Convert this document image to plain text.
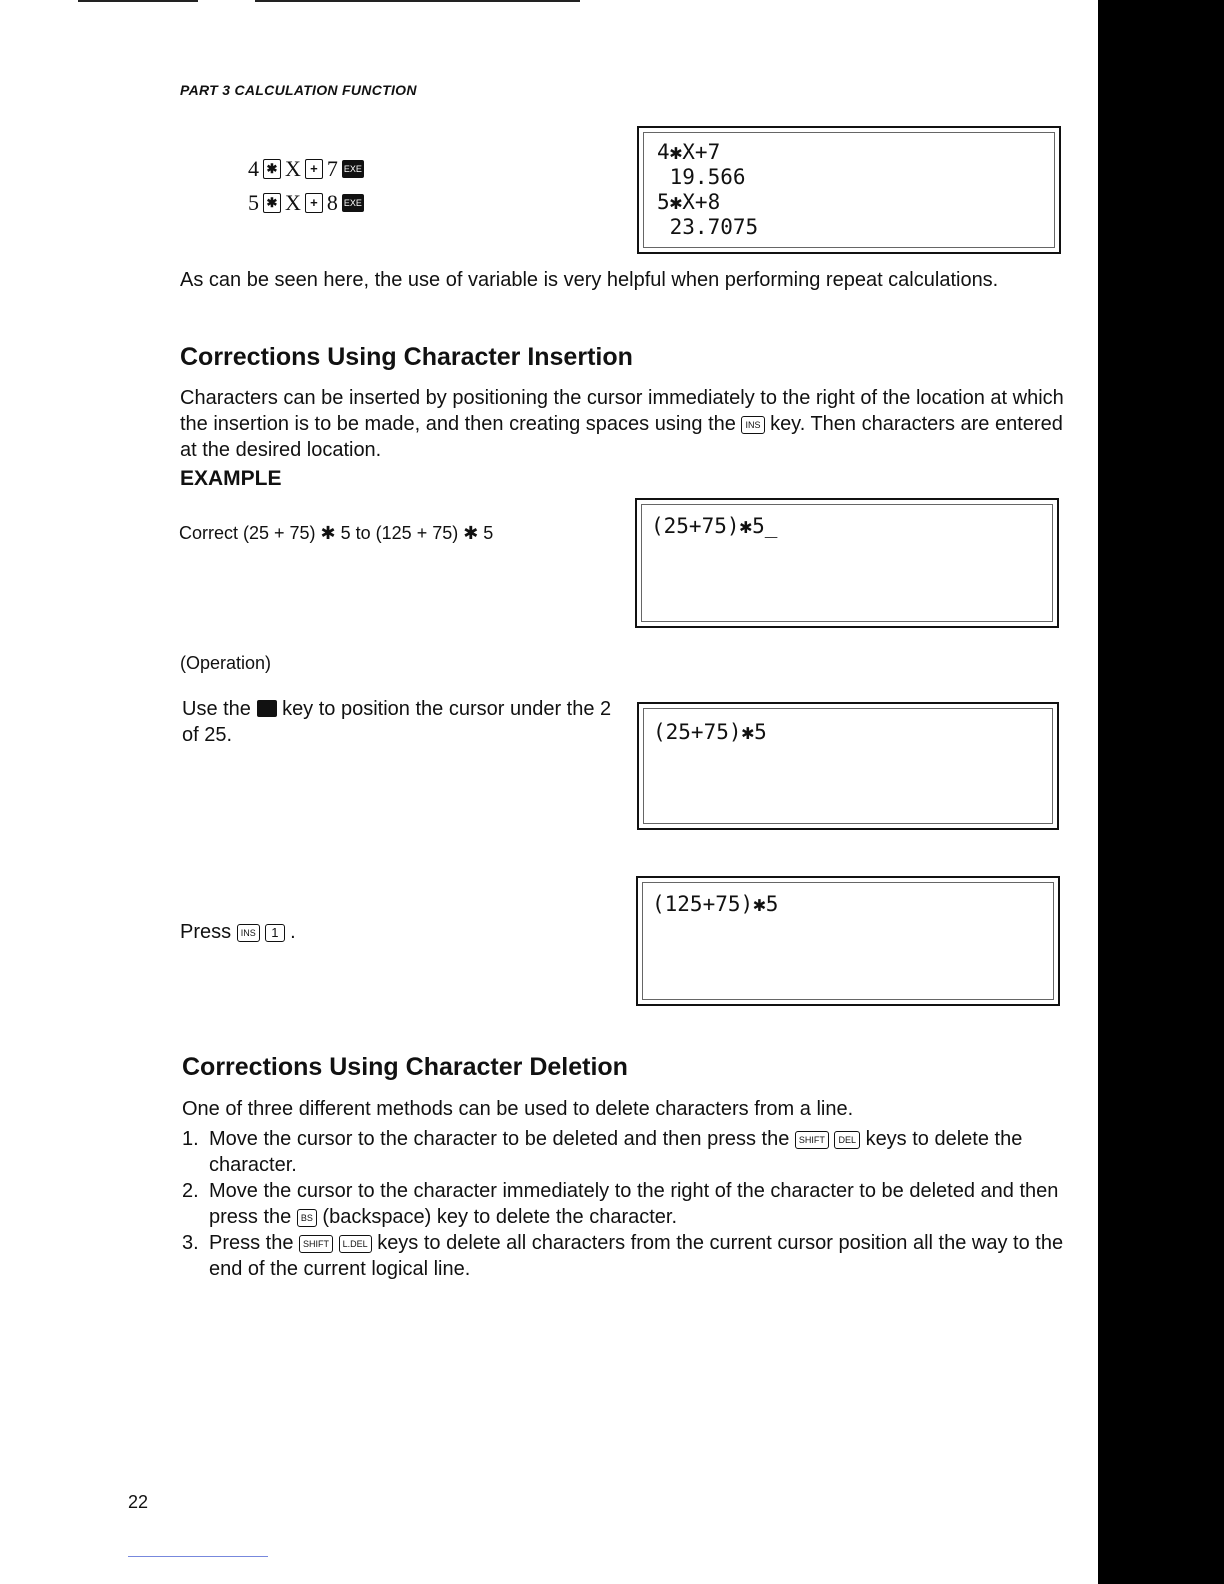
PART 3 CALCULATION FUNCTION
4 ✱ X + 7 EXE
5 ✱ X + 8 EXE
4✱X+7
19.566
5✱X+8
23.7075
As can be seen here, the use of variable is very helpful when performing repeat calculations.
Corrections Using Character Insertion
Characters can be inserted by positioning the cursor immediately to the right of the location at which the insertion is to be made, and then creating spaces using the INS key. Then characters are entered at the desired location.
EXAMPLE
Correct (25 + 75) ✱ 5 to (125 + 75) ✱ 5	(25+75)✱5_
(Operation)
Use the key to position the cursor under the 2 of 25.	(25+75)✱5
Press INS 1 .
(125+75)✱5
Corrections Using Character Deletion
One of three different methods can be used to delete characters from a line.
1. Move the cursor to the character to be deleted and then press the SHIFT DEL keys to delete the character.
2. Move the cursor to the character immediately to the right of the character to be deleted and then press the BS (backspace) key to delete the character.
3. Press the SHIFT L.DEL keys to delete all characters from the current cursor position all the way to the end of the current logical line.
22
